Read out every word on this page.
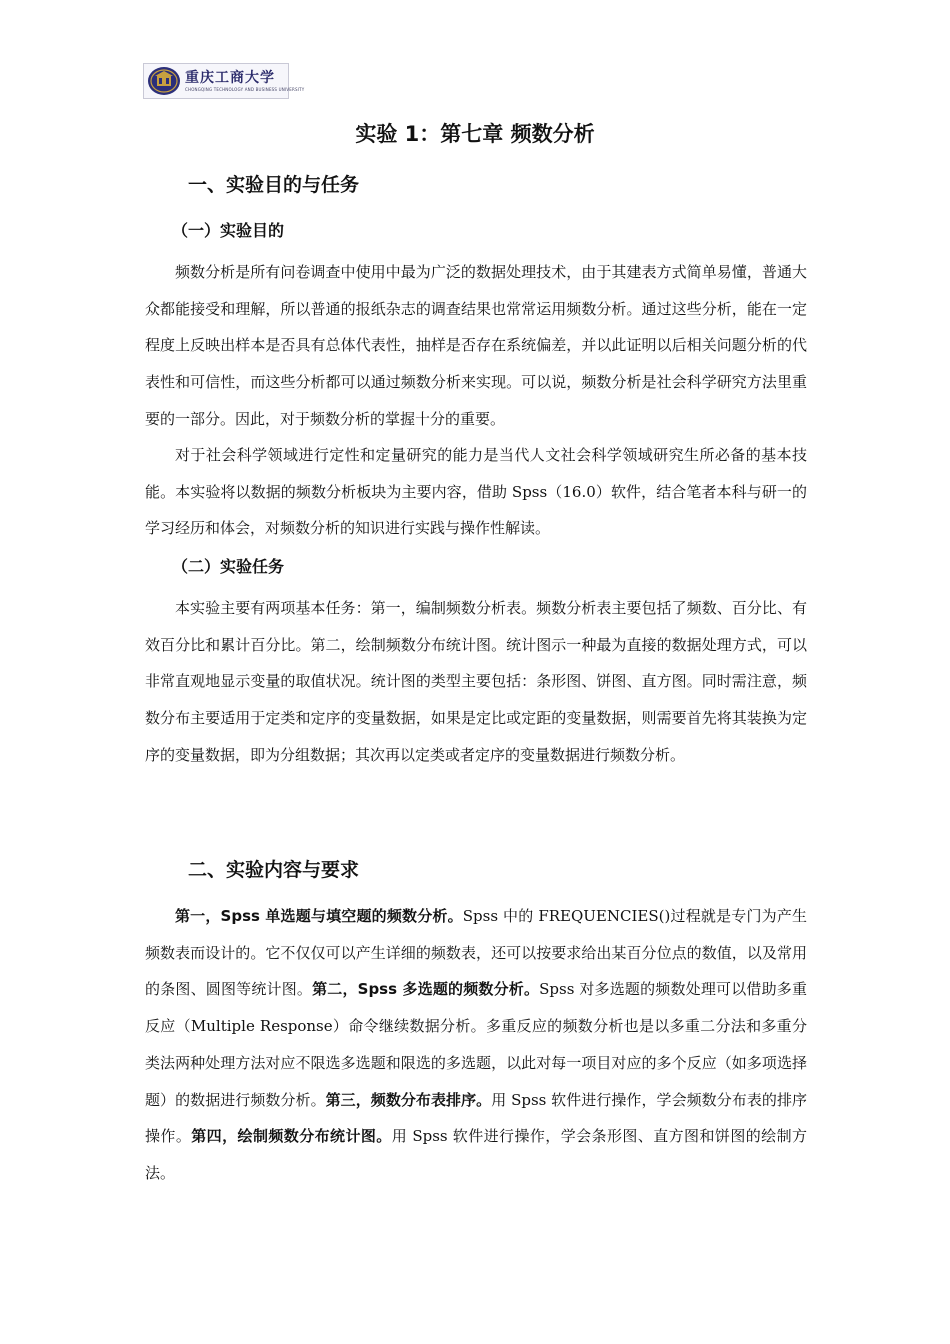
重庆工商大学
CHONGQING TECHNOLOGY AND BUSINESS UNIVERSITY
实验 1：第七章 频数分析
一、实验目的与任务
（一）实验目的

频数分析是所有问卷调查中使用中最为广泛的数据处理技术，由于其建表方式简单易懂，普通大众都能接受和理解，所以普通的报纸杂志的调查结果也常常运用频数分析。通过这些分析，能在一定程度上反映出样本是否具有总体代表性，抽样是否存在系统偏差，并以此证明以后相关问题分析的代表性和可信性，而这些分析都可以通过频数分析来实现。可以说，频数分析是社会科学研究方法里重要的一部分。因此，对于频数分析的掌握十分的重要。

对于社会科学领域进行定性和定量研究的能力是当代人文社会科学领域研究生所必备的基本技能。本实验将以数据的频数分析板块为主要内容，借助 Spss（16.0）软件，结合笔者本科与研一的学习经历和体会，对频数分析的知识进行实践与操作性解读。

（二）实验任务

本实验主要有两项基本任务：第一，编制频数分析表。频数分析表主要包括了频数、百分比、有效百分比和累计百分比。第二，绘制频数分布统计图。统计图示一种最为直接的数据处理方式，可以非常直观地显示变量的取值状况。统计图的类型主要包括：条形图、饼图、直方图。同时需注意，频数分布主要适用于定类和定序的变量数据，如果是定比或定距的变量数据，则需要首先将其装换为定序的变量数据，即为分组数据；其次再以定类或者定序的变量数据进行频数分析。

二、实验内容与要求

第一，Spss 单选题与填空题的频数分析。Spss 中的 FREQUENCIES()过程就是专门为产生频数表而设计的。它不仅仅可以产生详细的频数表，还可以按要求给出某百分位点的数值，以及常用的条图、圆图等统计图。第二，Spss 多选题的频数分析。Spss 对多选题的频数处理可以借助多重反应（Multiple Response）命令继续数据分析。多重反应的频数分析也是以多重二分法和多重分类法两种处理方法对应不限选多选题和限选的多选题，以此对每一项目对应的多个反应（如多项选择题）的数据进行频数分析。第三，频数分布表排序。用 Spss 软件进行操作，学会频数分布表的排序操作。第四，绘制频数分布统计图。用 Spss 软件进行操作，学会条形图、直方图和饼图的绘制方法。
